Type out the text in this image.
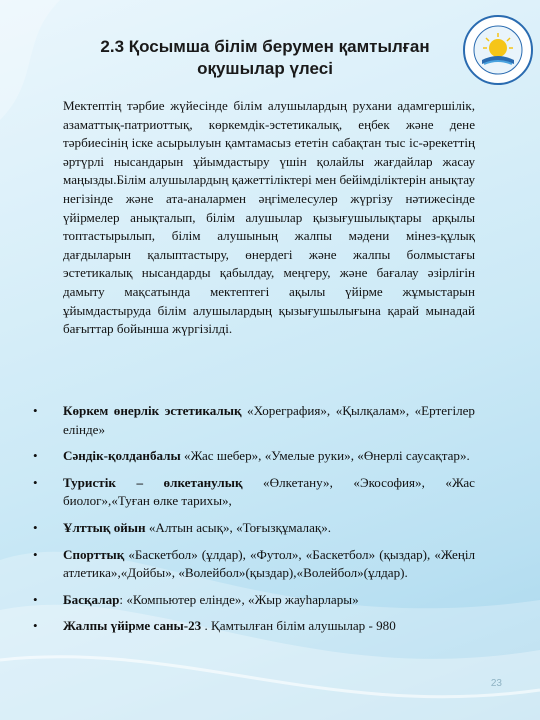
2.3 Қосымша білім берумен қамтылған
оқушылар үлесі
Мектептің тәрбие жүйесінде білім алушылардың рухани адамгершілік, азаматтық-патриоттық, көркемдік-эстетикалық, еңбек және дене тәрбиесінің іске асырылуын қамтамасыз ететін сабақтан тыс іс-әрекеттің әртүрлі нысандарын ұйымдастыру үшін қолайлы жағдайлар жасау маңызды.Білім алушылардың қажеттіліктері мен бейімділіктерін анықтау негізінде және ата-аналармен әңгімелесулер жүргізу нәтижесінде үйірмелер анықталып, білім алушылар қызығушылықтары арқылы топтастырылып, білім алушының жалпы мәдени мінез-құлық дағдыларын қалыптастыру, өнердегі және жалпы болмыстағы эстетикалық нысандарды қабылдау, меңгеру, және бағалау әзірлігін дамыту мақсатында мектептегі ақылы үйірме жұмыстарын ұйымдастыруда білім алушылардың қызығушылығына қарай мынадай бағыттар бойынша жүргізілді.
• Көркем өнерлік эстетикалық «Хореграфия», «Қылқалам», «Ертегілер елінде»
• Сәндік-қолданбалы «Жас шебер», «Умелые руки», «Өнерлі саусақтар».
• Туристік – өлкетанулық «Өлкетану», «Экософия», «Жас биолог»,«Туған өлке тарихы»,
• Ұлттық ойын «Алтын асық», «Тоғызқұмалақ».
• Спорттық «Баскетбол» (ұлдар), «Футол», «Баскетбол» (қыздар), «Жеңіл атлетика»,«Дойбы», «Волейбол»(қыздар),«Волейбол»(ұлдар).
• Басқалар: «Компьютер елінде», «Жыр жауһарлары»
• Жалпы үйірме саны-23 . Қамтылған білім алушылар - 980
23
